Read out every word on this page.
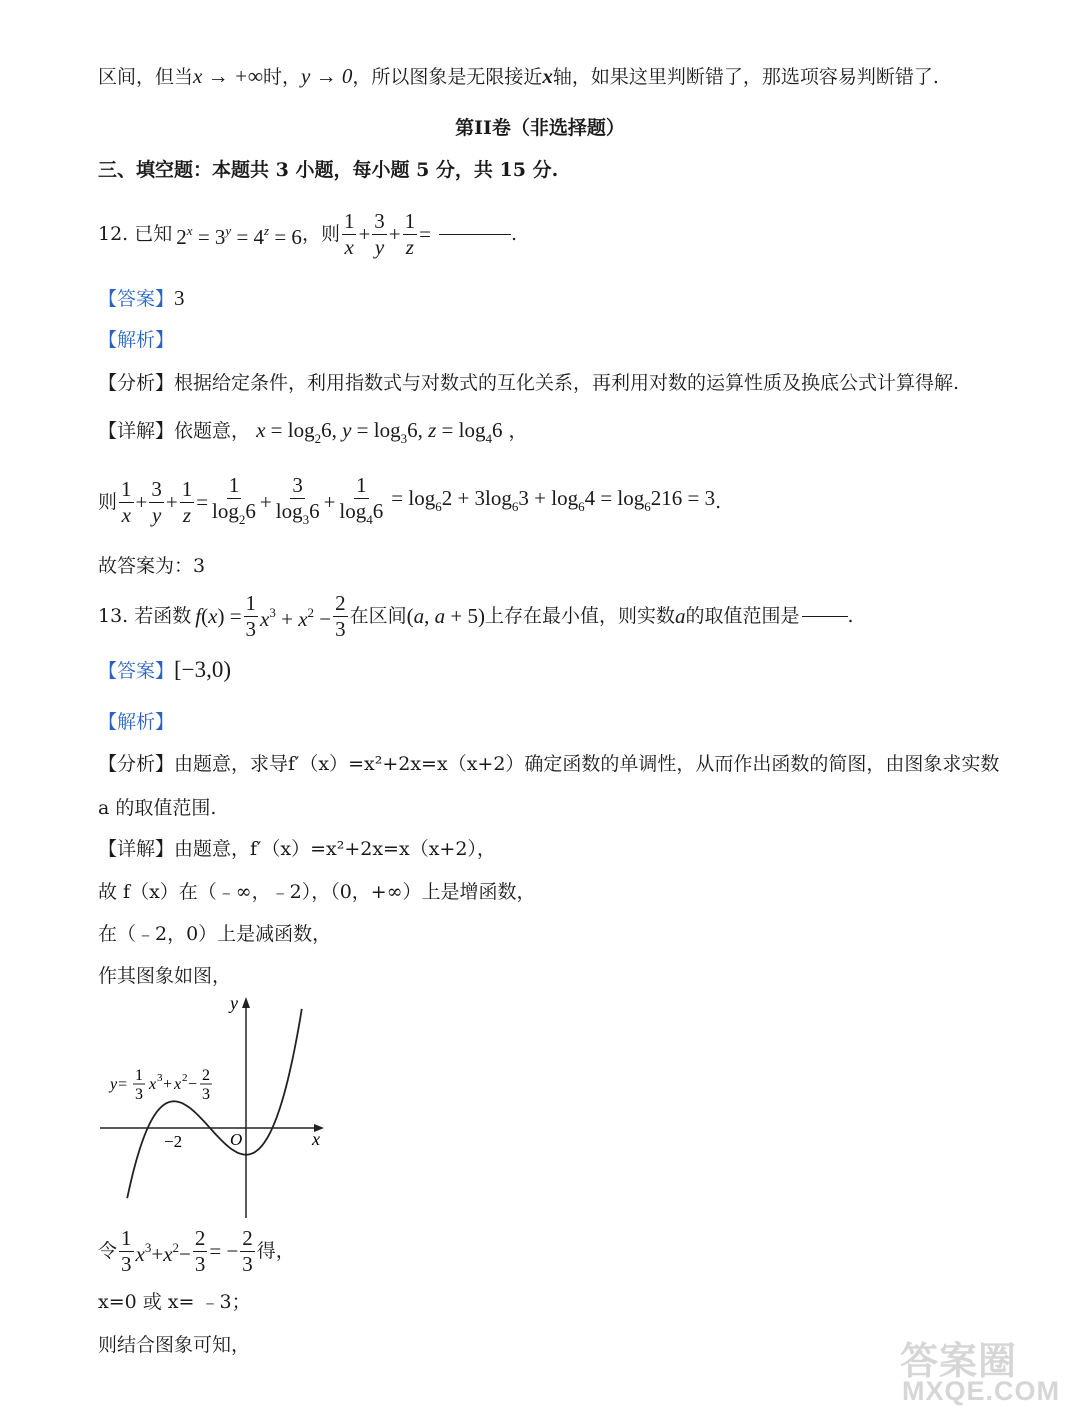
区间，但当x → +∞时，y → 0，所以图象是无限接近x轴，如果这里判断错了，那选项容易判断错了.
第II卷（非选择题）
三、填空题：本题共 3 小题，每小题 5 分，共 15 分.
12.
已知 $2^x = 3^y = 4^z = 6$ ，则 $\frac{1}{x} + \frac{3}{y} + \frac{1}{z}$ =	.
【答案】3
【解析】
【分析】根据给定条件，利用指数式与对数式的互化关系，再利用对数的运算性质及换底公式计算得解.
【详解】依题意， $x = \log_26$, $y = \log_36$, $z = \log_46$ ，
则 $\frac{1}{x} + \frac{3}{y} + \frac{1}{z} = \frac{1}{\log_26} + \frac{3}{\log_36} + \frac{1}{\log_46} = \log_62 + 3\log_63 + \log_64 = \log_6216 = 3$ .
故答案为：3
13.
若函数 f $(x) = \frac{1}{3} x^3 + x^2 - \frac{2}{3}$ 在区间 (a, a + 5) 上存在最小值，则实数 a 的取值范围是	.
【答案】[−3,0)
【解析】
【分析】由题意，求导f′（x）=x²+2x=x（x+2）确定函数的单调性，从而作出函数的简图，由图象求实数
a 的取值范围.
【详解】由题意，f′（x）=x²+2x=x（x+2），
故 f（x）在（﹣∞，﹣2），（0，+∞）上是增函数，
在（﹣2，0）上是减函数，
作其图象如图，
y
x
O
−2
y=
1
3
x 3 + x 2 −
2
3
令 $\frac{1}{3} x^3+x^2- \frac{2}{3}$ = − $\frac{2}{3}$ 得，
x=0 或 x= ﹣3；
则结合图象可知，	答案圈
MXQE.COM
